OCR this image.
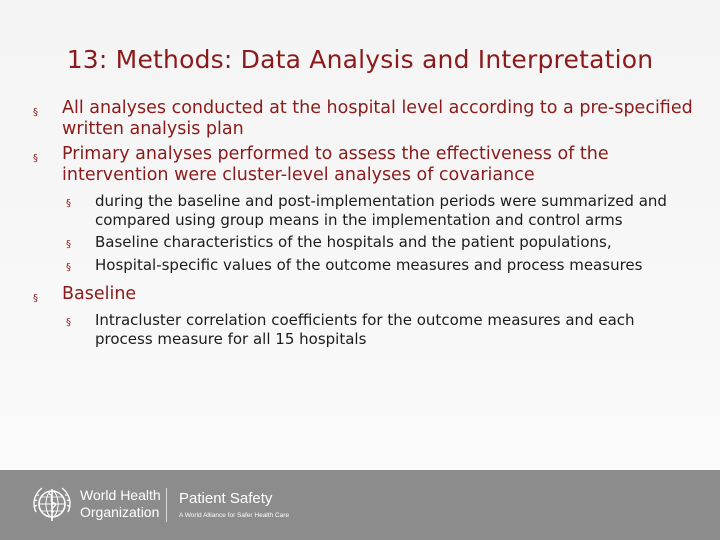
13: Methods: Data Analysis and Interpretation
§ All analyses conducted at the hospital level according to a pre-specified written analysis plan
§ Primary analyses performed to assess the effectiveness of the intervention were cluster-level analyses of covariance
§ during the baseline and post-implementation periods were summarized and compared using group means in the implementation and control arms
§ Baseline characteristics of the hospitals and the patient populations,
§ Hospital-specific values of the outcome measures and process measures
§ Baseline
§ Intracluster correlation coefficients for the outcome measures and each process measure for all 15 hospitals
World Health
Organization
Patient Safety
A World Alliance for Safer Health Care
